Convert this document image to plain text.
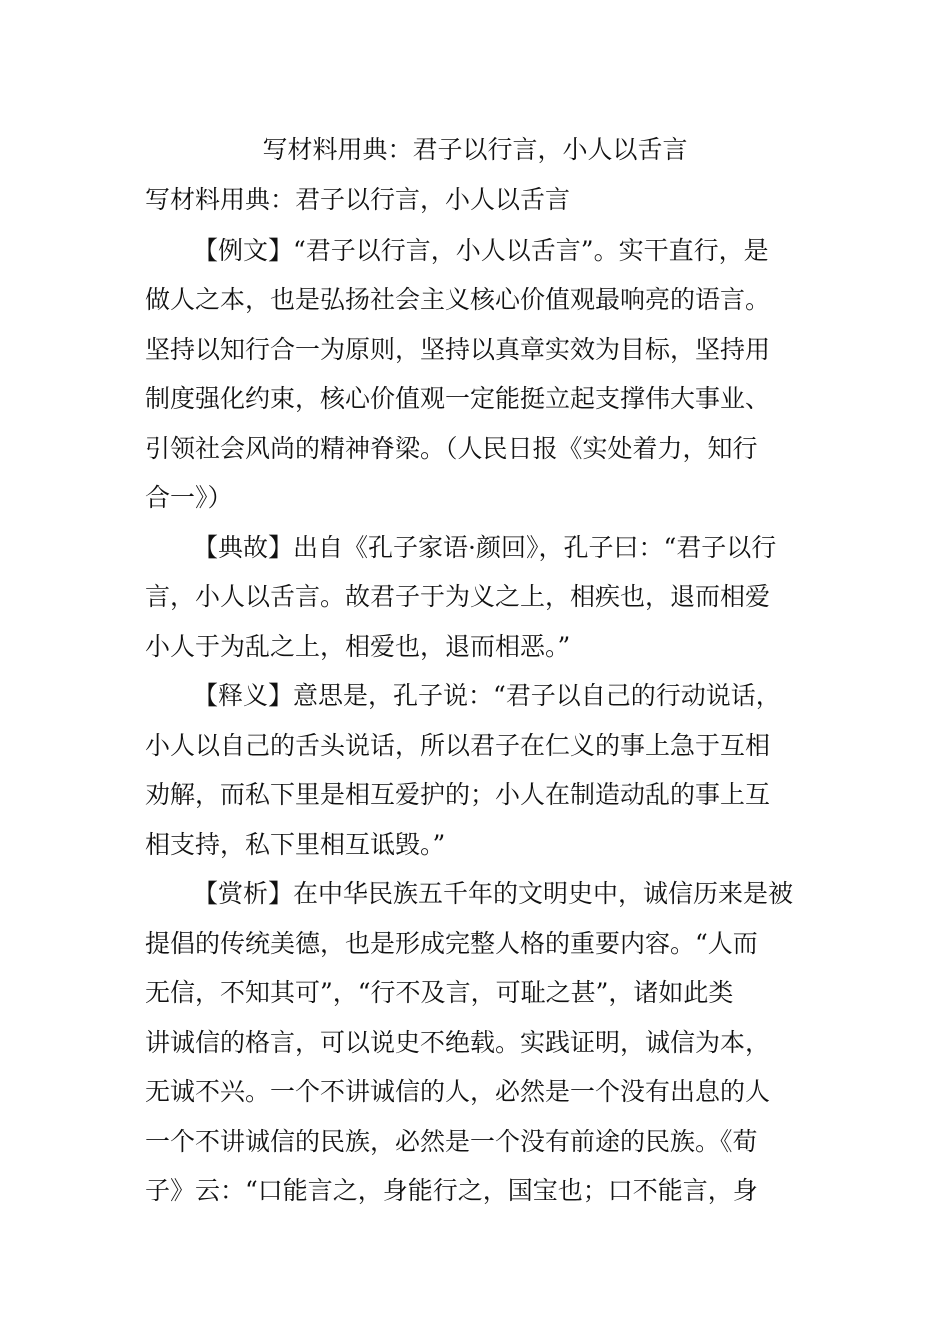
写材料用典：君子以行言，小人以舌言

写材料用典：君子以行言，小人以舌言

【例文】“君子以行言，小人以舌言”。实干直行，是

做人之本，也是弘扬社会主义核心价值观最响亮的语言。

坚持以知行合一为原则，坚持以真章实效为目标，坚持用

制度强化约束，核心价值观一定能挺立起支撑伟大事业、

引领社会风尚的精神脊梁。（人民日报《实处着力，知行

合一》）

【典故】出自《孔子家语·颜回》，孔子曰：“君子以行

言，小人以舌言。故君子于为义之上，相疾也，退而相爱

小人于为乱之上，相爱也，退而相恶。”

【释义】意思是，孔子说：“君子以自己的行动说话，

小人以自己的舌头说话，所以君子在仁义的事上急于互相

劝解，而私下里是相互爱护的；小人在制造动乱的事上互

相支持，私下里相互诋毁。”

【赏析】在中华民族五千年的文明史中，诚信历来是被

提倡的传统美德，也是形成完整人格的重要内容。“人而

无信，不知其可”，“行不及言，可耻之甚”，诸如此类

讲诚信的格言，可以说史不绝载。实践证明，诚信为本，

无诚不兴。一个不讲诚信的人，必然是一个没有出息的人

一个不讲诚信的民族，必然是一个没有前途的民族。《荀

子》云：“口能言之，身能行之，国宝也；口不能言，身
